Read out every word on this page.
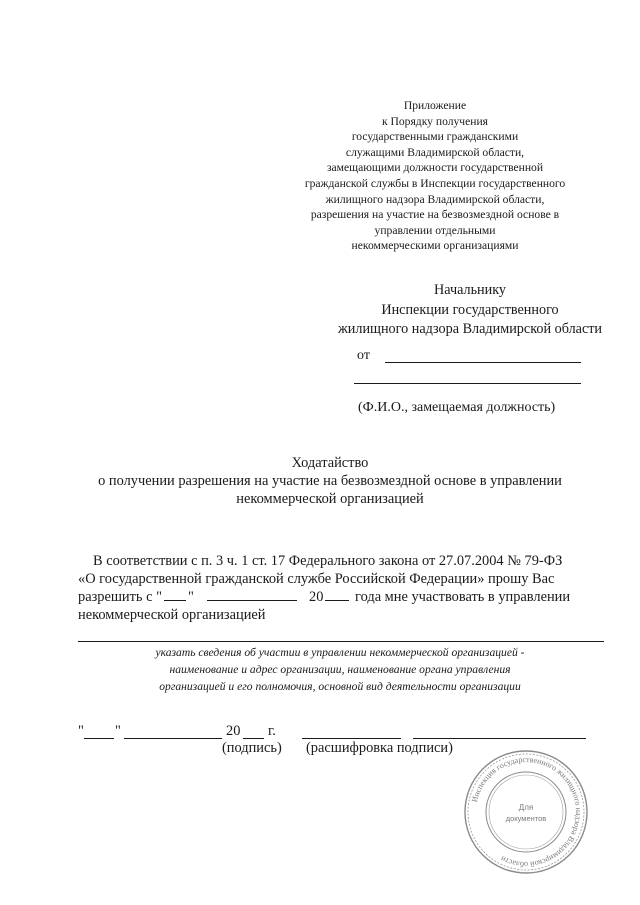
Приложение
к Порядку получения
государственными гражданскими
служащими Владимирской области,
замещающими должности государственной
гражданской службы в Инспекции государственного
жилищного надзора Владимирской области,
разрешения на участие на безвозмездной основе в
управлении отдельными
некоммерческими организациями
Начальнику
Инспекции государственного
жилищного надзора Владимирской области
от
(Ф.И.О., замещаемая должность)
Ходатайство
о получении разрешения на участие на безвозмездной основе в управлении
некоммерческой организацией
В соответствии с п. 3 ч. 1 ст. 17 Федерального закона от 27.07.2004 № 79-ФЗ
«О государственной гражданской службе Российской Федерации» прошу Вас
разрешить с " "	20 года мне участвовать в управлении
некоммерческой организацией
указать сведения об участии в управлении некоммерческой организацией -
наименование и адрес организации, наименование органа управления
организацией и его полномочия, основной вид деятельности организации
" "	20 г.
(подпись) (расшифровка подписи)
Инспекция государственного жилищного надзора Владимирской области
Для
документов
